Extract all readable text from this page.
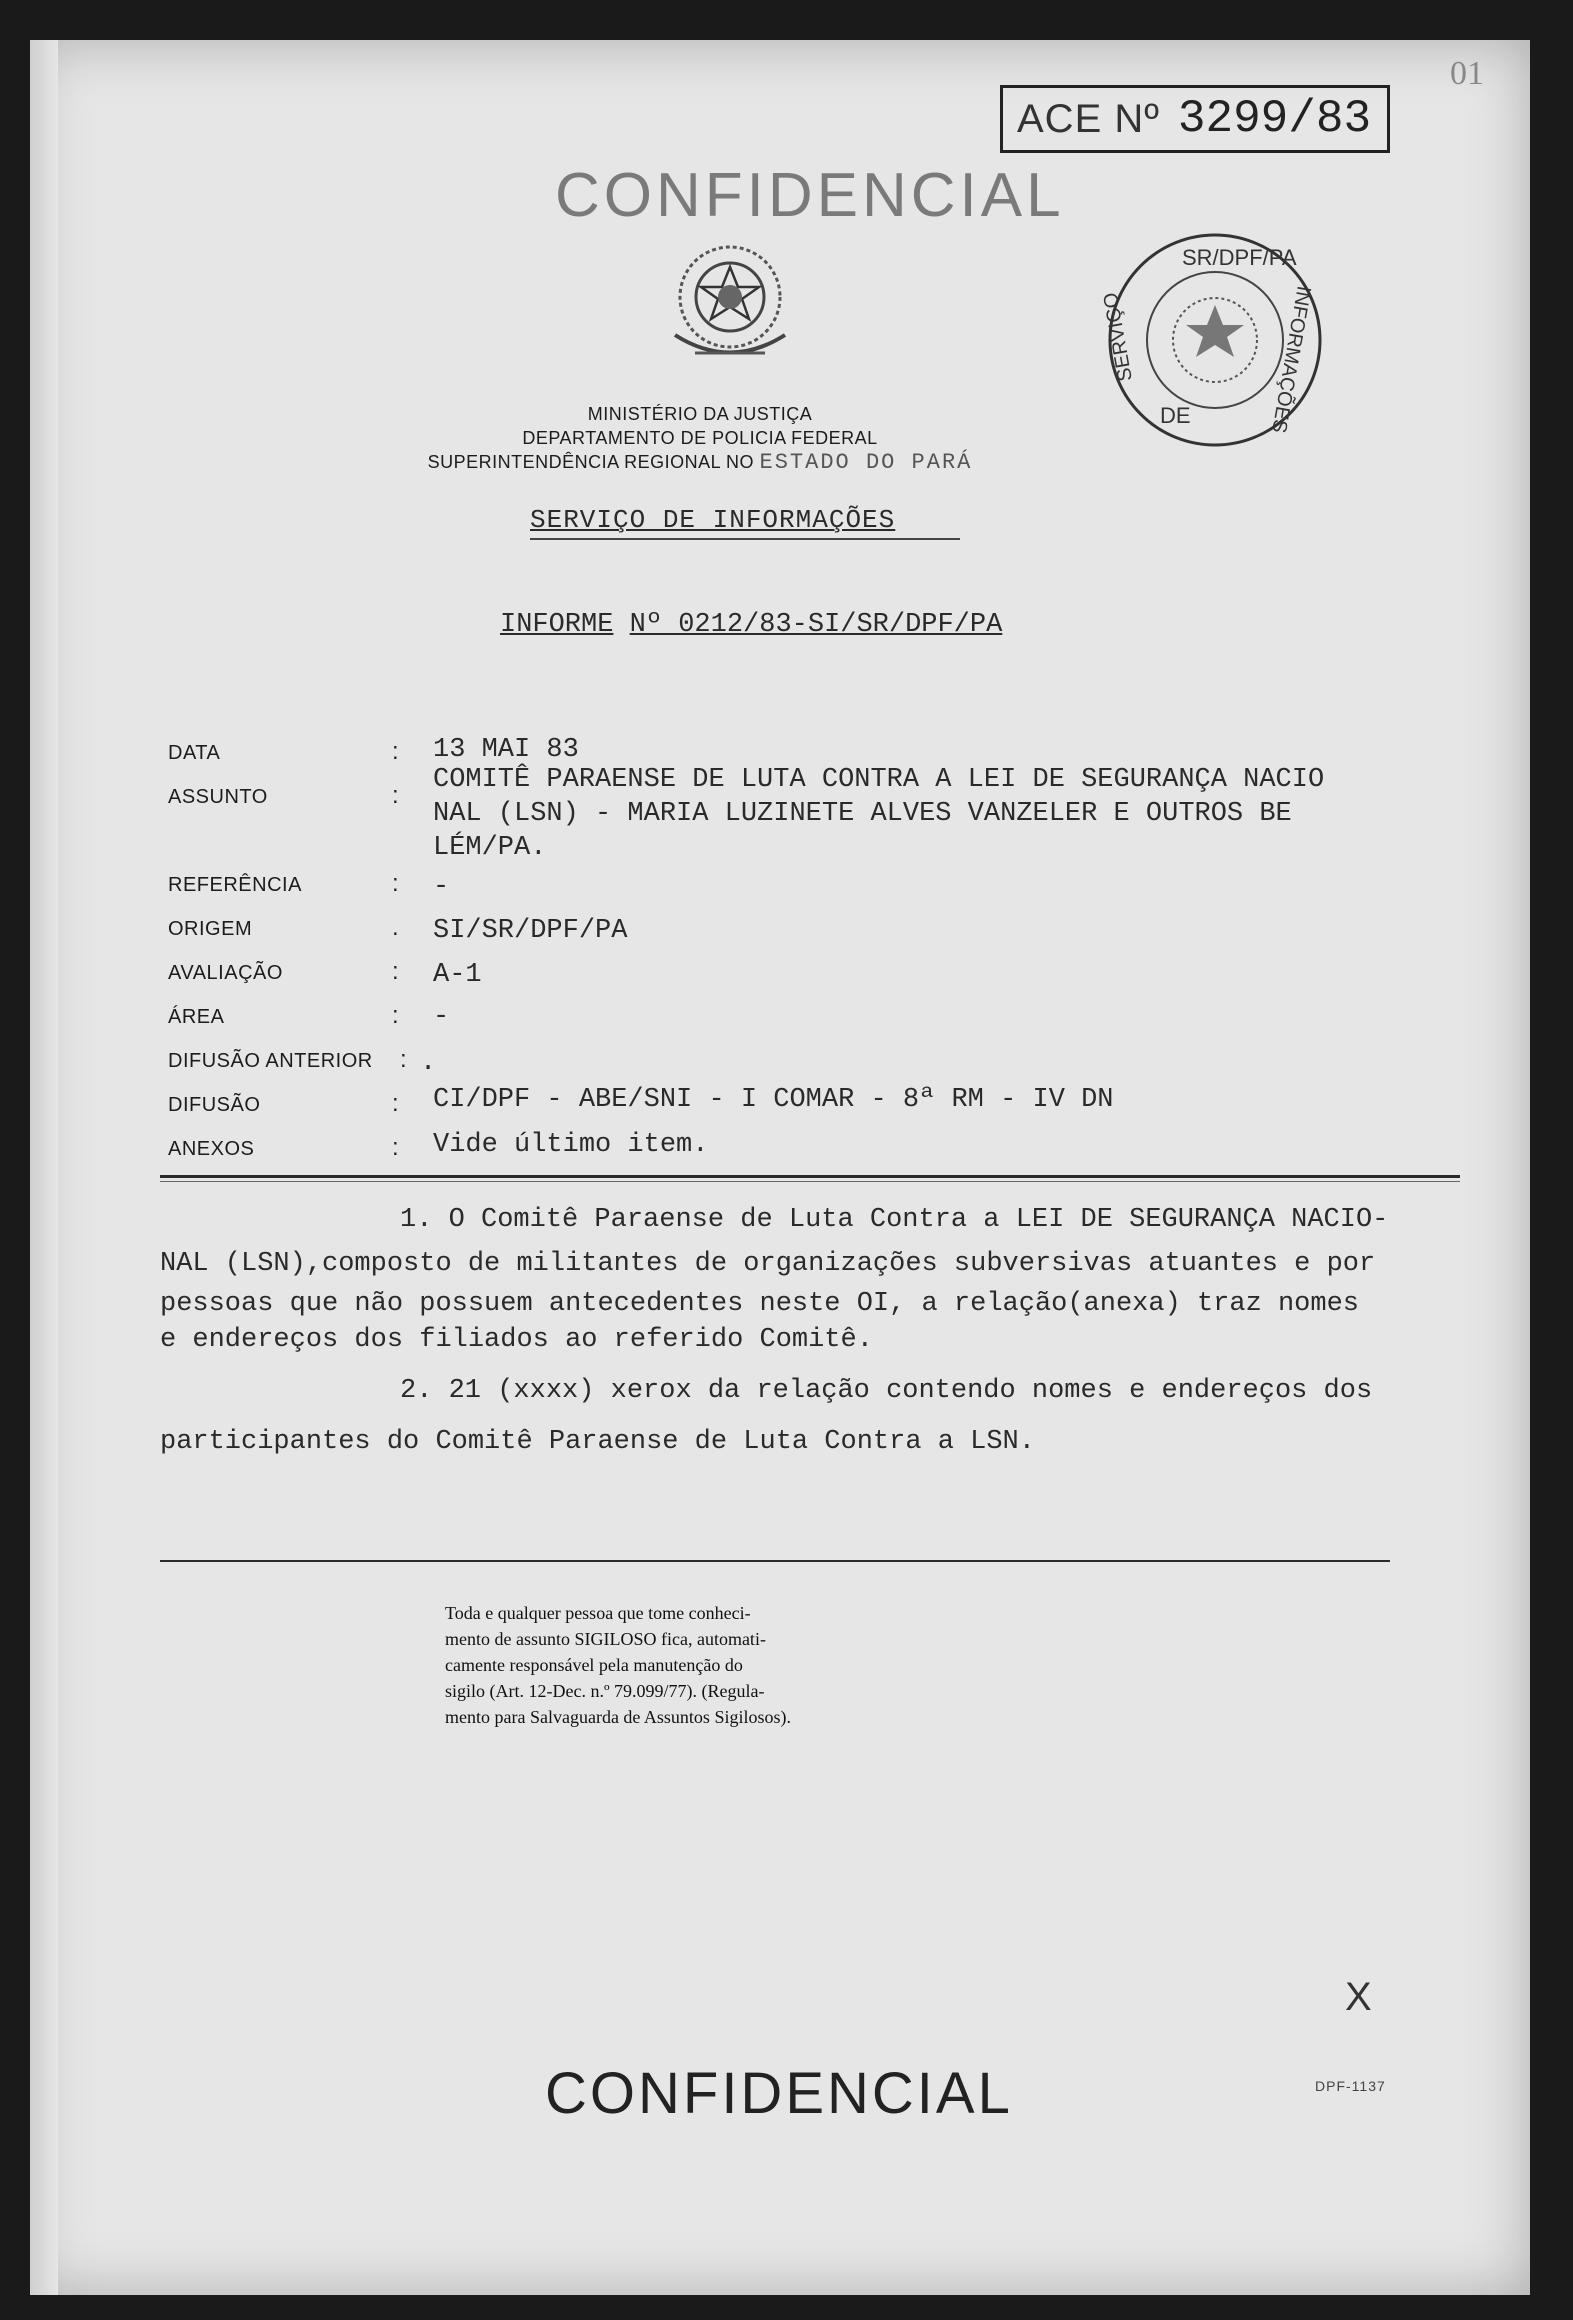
01
ACE Nº 3299/83
CONFIDENCIAL
SR/DPF/PA
SERVIÇO	INFORMAÇÕES
DE
MINISTÉRIO DA JUSTIÇA
DEPARTAMENTO DE POLICIA FEDERAL
SUPERINTENDÊNCIA REGIONAL NO ESTADO DO PARÁ
SERVIÇO DE INFORMAÇÕES
INFORME Nº 0212/83-SI/SR/DPF/PA
DATA
ASSUNTO
REFERÊNCIA
ORIGEM
AVALIAÇÃO
ÁREA
DIFUSÃO ANTERIOR
DIFUSÃO
ANEXOS
:
:
:
.
:
:
:
:
:
13 MAI 83
COMITÊ PARAENSE DE LUTA CONTRA A LEI DE SEGURANÇA NACIO
NAL (LSN) - MARIA LUZINETE ALVES VANZELER E OUTROS BE
LÉM/PA.
-
SI/SR/DPF/PA
A-1
-
.
CI/DPF - ABE/SNI - I COMAR - 8ª RM - IV DN
Vide último item.
1. O Comitê Paraense de Luta Contra a LEI DE SEGURANÇA NACIO-
NAL (LSN),composto de militantes de organizações subversivas atuantes e por
pessoas que não possuem antecedentes neste OI, a relação(anexa) traz nomes
e endereços dos filiados ao referido Comitê.
2. 21 (xxxx) xerox da relação contendo nomes e endereços dos
participantes do Comitê Paraense de Luta Contra a LSN.
Toda e qualquer pessoa que tome conheci-
mento de assunto SIGILOSO fica, automati-
camente responsável pela manutenção do
sigilo (Art. 12-Dec. n.º 79.099/77). (Regula-
mento para Salvaguarda de Assuntos Sigilosos).
X
CONFIDENCIAL	DPF-1137
